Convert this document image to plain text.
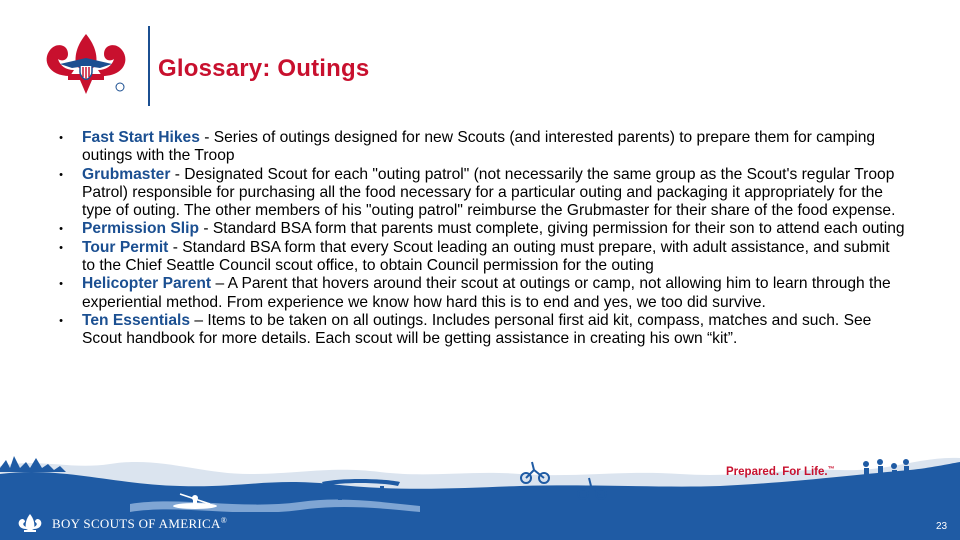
Glossary: Outings
• Fast Start Hikes - Series of outings designed for new Scouts (and interested parents) to prepare them for camping outings with the Troop
• Grubmaster - Designated Scout for each "outing patrol" (not necessarily the same group as the Scout's regular Troop Patrol) responsible for purchasing all the food necessary for a particular outing and packaging it appropriately for the type of outing. The other members of his "outing patrol" reimburse the Grubmaster for their share of the food expense.
• Permission Slip - Standard BSA form that parents must complete, giving permission for their son to attend each outing
• Tour Permit - Standard BSA form that every Scout leading an outing must prepare, with adult assistance, and submit to the Chief Seattle Council scout office, to obtain Council permission for the outing
• Helicopter Parent – A Parent that hovers around their scout at outings or camp, not allowing him to learn through the experiential method. From experience we know how hard this is to end and yes, we too did survive.
• Ten Essentials – Items to be taken on all outings. Includes personal first aid kit, compass, matches and such. See Scout handbook for more details. Each scout will be getting assistance in creating his own “kit”.

BOY SCOUTS OF AMERICA®

Prepared. For Life.™

23
